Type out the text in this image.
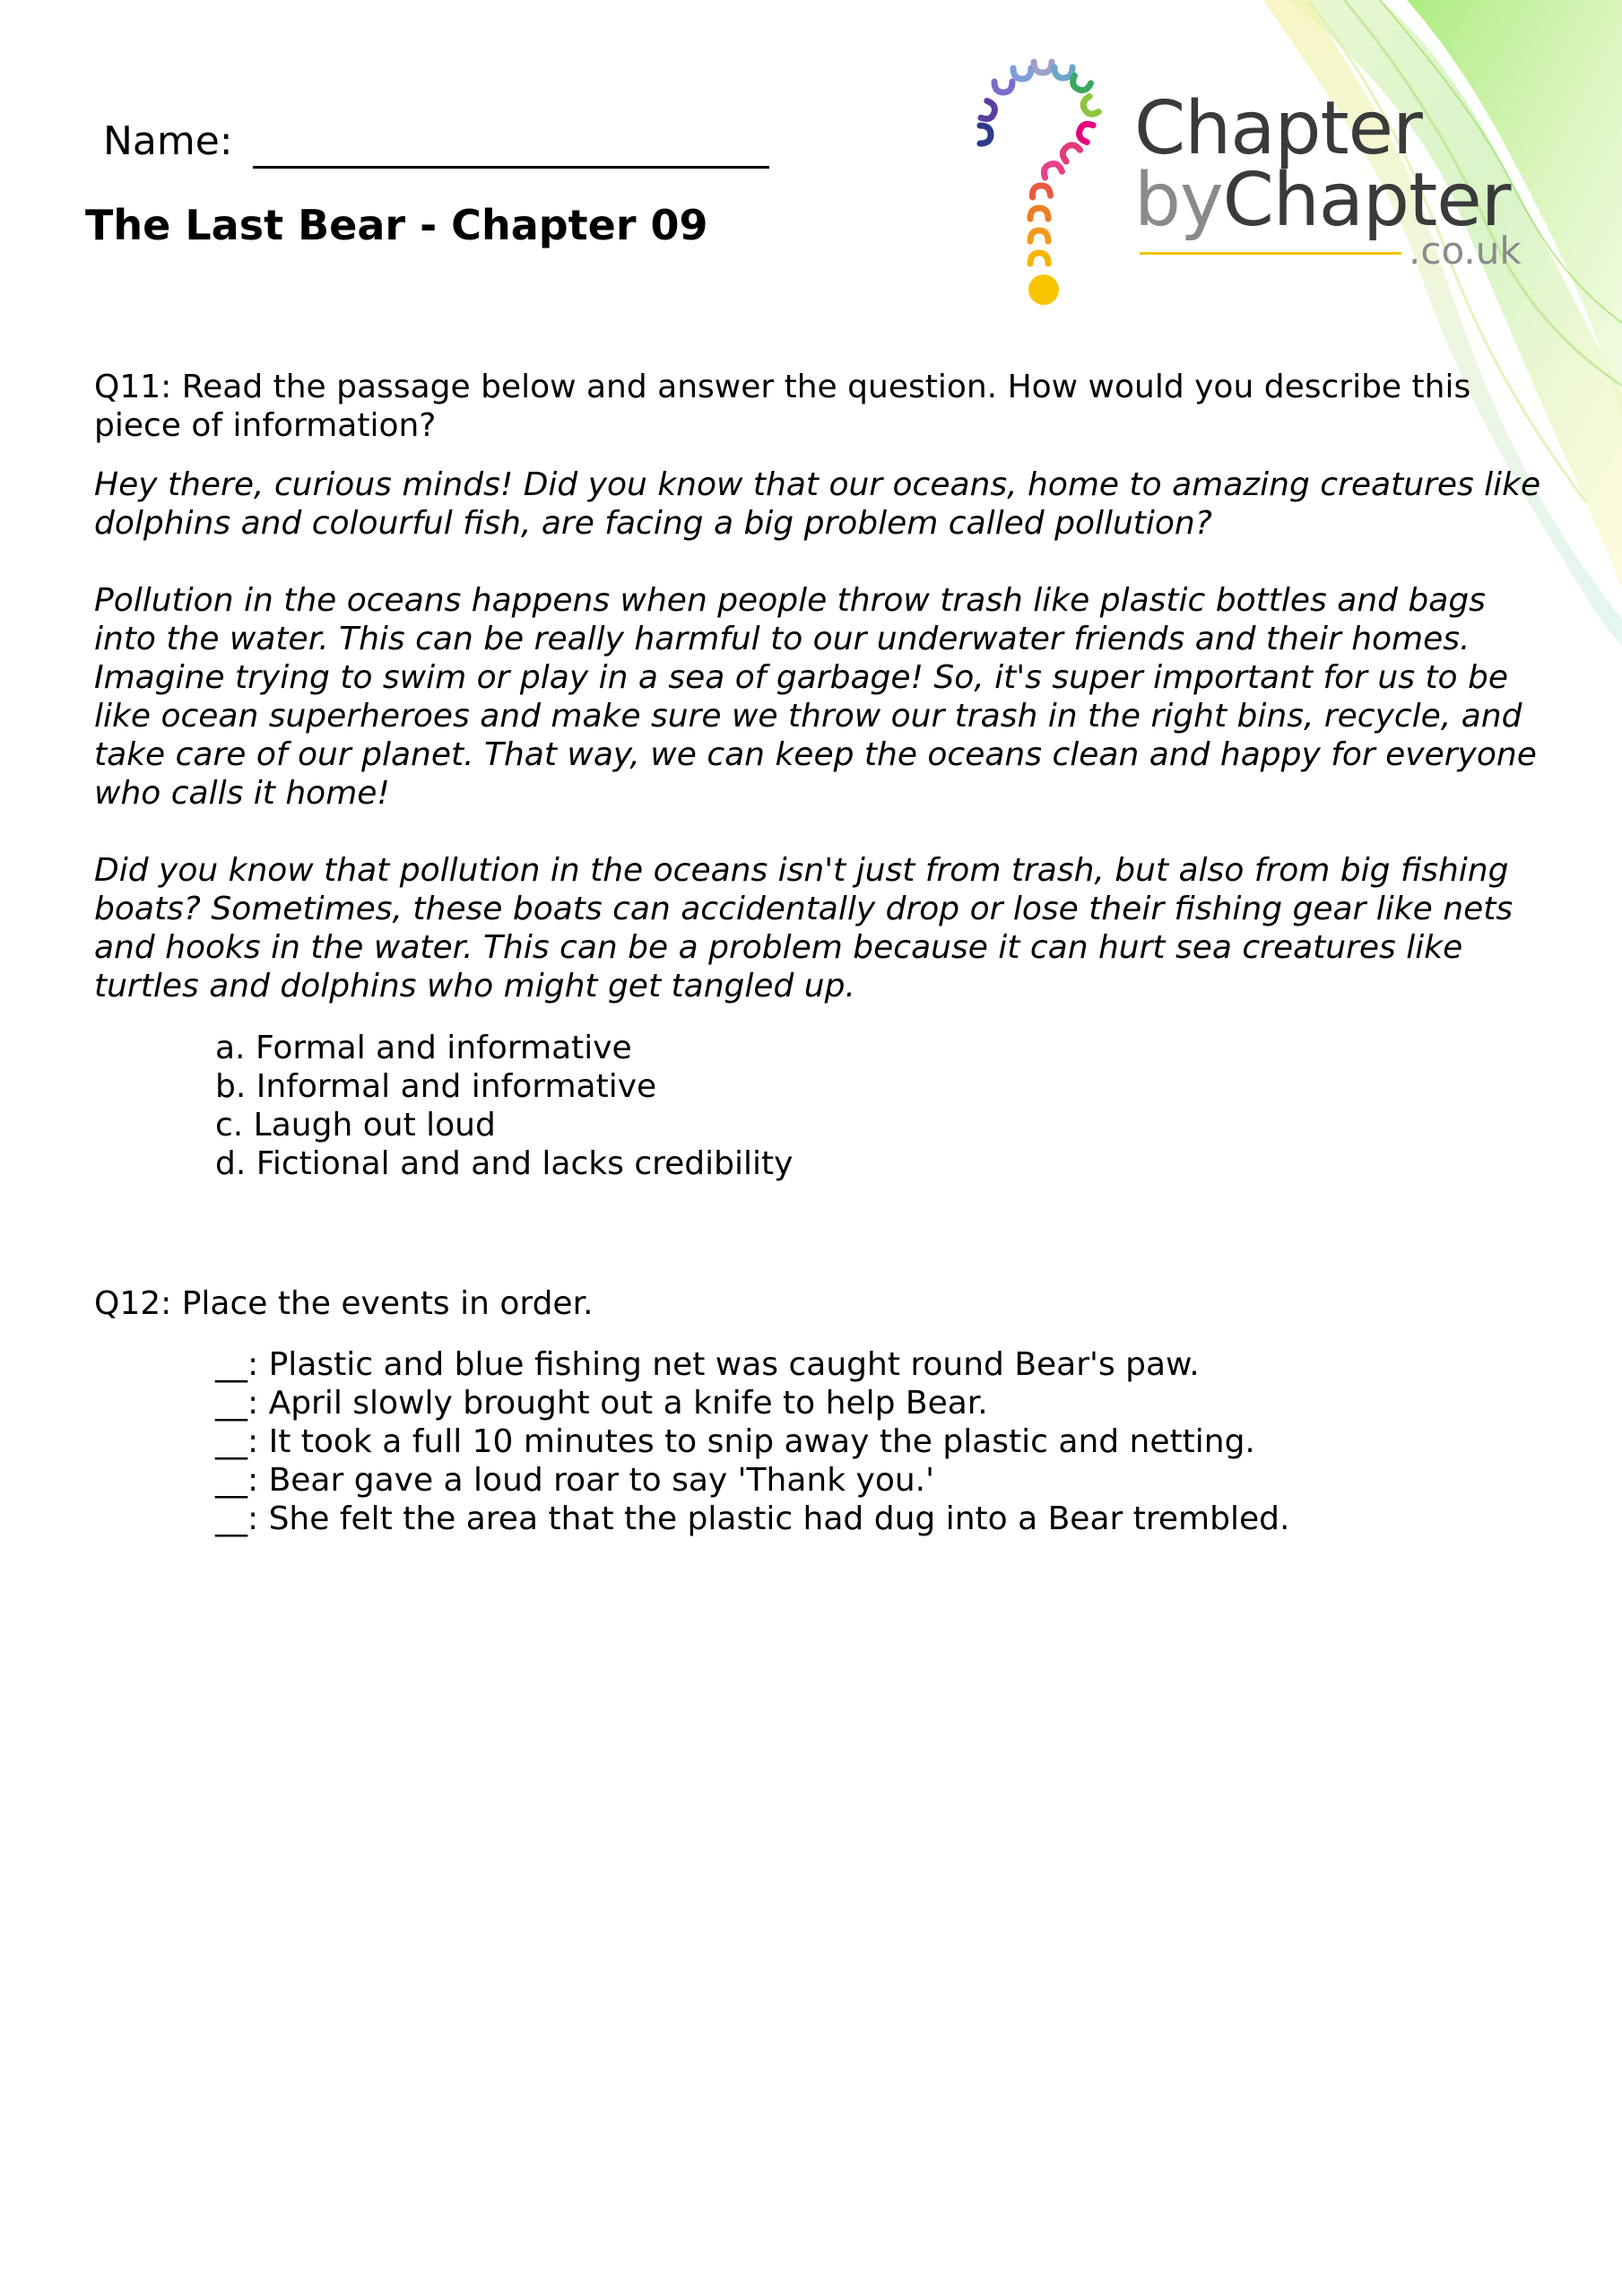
Name:
The Last Bear - Chapter 09
Chapter
byChapter
.co.uk

Q11: Read the passage below and answer the question. How would you describe this piece of information?

Hey there, curious minds! Did you know that our oceans, home to amazing creatures like dolphins and colourful fish, are facing a big problem called pollution?

Pollution in the oceans happens when people throw trash like plastic bottles and bags into the water. This can be really harmful to our underwater friends and their homes. Imagine trying to swim or play in a sea of garbage! So, it's super important for us to be like ocean superheroes and make sure we throw our trash in the right bins, recycle, and take care of our planet. That way, we can keep the oceans clean and happy for everyone who calls it home!

Did you know that pollution in the oceans isn't just from trash, but also from big fishing boats? Sometimes, these boats can accidentally drop or lose their fishing gear like nets and hooks in the water. This can be a problem because it can hurt sea creatures like turtles and dolphins who might get tangled up.

a. Formal and informative
b. Informal and informative
c. Laugh out loud
d. Fictional and and lacks credibility

Q12: Place the events in order.

__: Plastic and blue fishing net was caught round Bear's paw.
__: April slowly brought out a knife to help Bear.
__: It took a full 10 minutes to snip away the plastic and netting.
__: Bear gave a loud roar to say 'Thank you.'
__: She felt the area that the plastic had dug into a Bear trembled.
